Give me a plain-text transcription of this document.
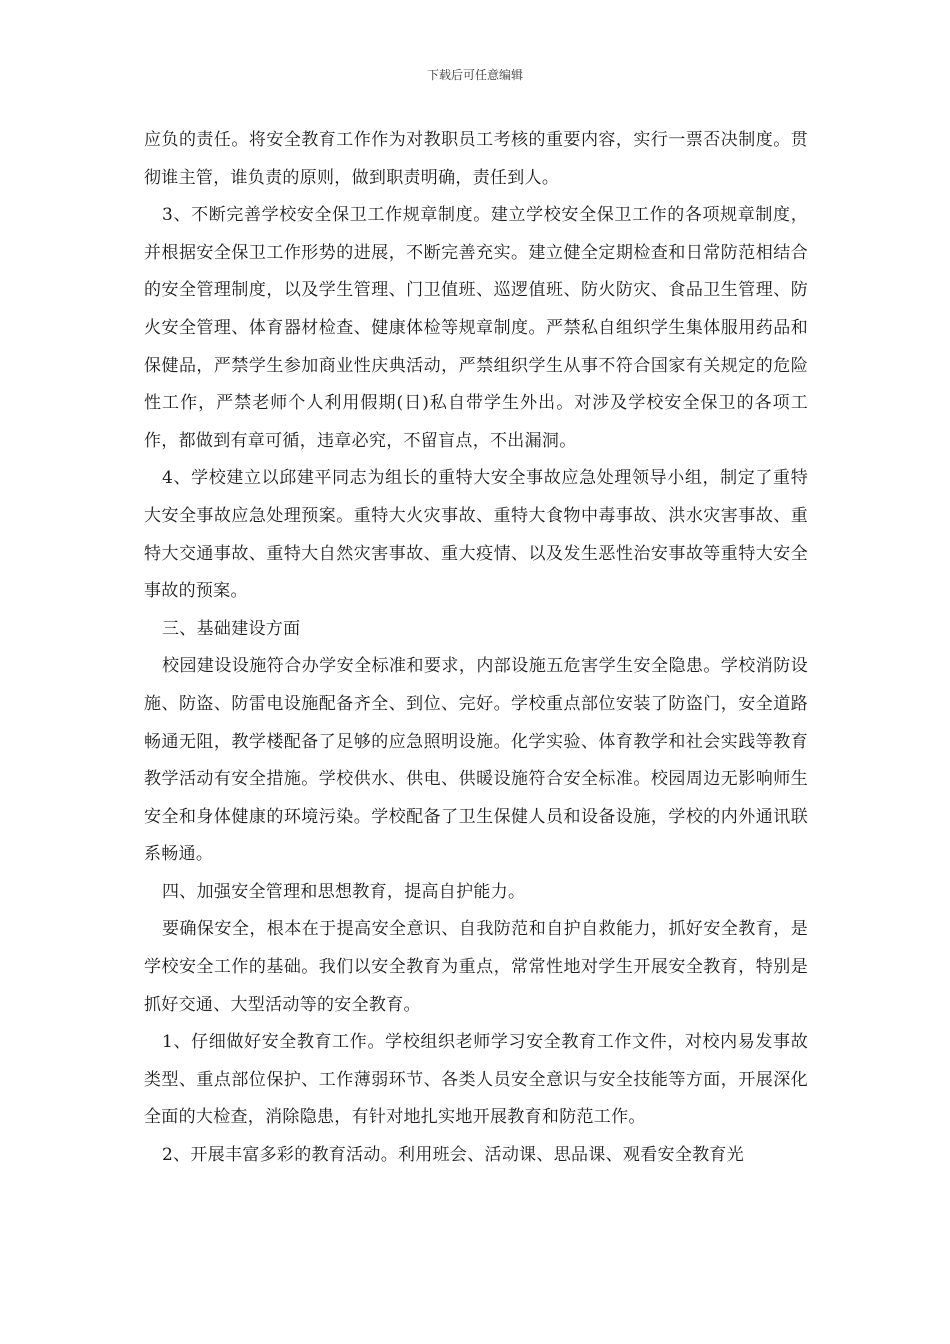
下载后可任意编辑

应负的责任。将安全教育工作作为对教职员工考核的重要内容，实行一票否决制度。贯彻谁主管，谁负责的原则，做到职责明确，责任到人。

3、不断完善学校安全保卫工作规章制度。建立学校安全保卫工作的各项规章制度，并根据安全保卫工作形势的进展，不断完善充实。建立健全定期检查和日常防范相结合的安全管理制度，以及学生管理、门卫值班、巡逻值班、防火防灾、食品卫生管理、防火安全管理、体育器材检查、健康体检等规章制度。严禁私自组织学生集体服用药品和保健品，严禁学生参加商业性庆典活动，严禁组织学生从事不符合国家有关规定的危险性工作，严禁老师个人利用假期(日)私自带学生外出。对涉及学校安全保卫的各项工作，都做到有章可循，违章必究，不留盲点，不出漏洞。

4、学校建立以邱建平同志为组长的重特大安全事故应急处理领导小组，制定了重特大安全事故应急处理预案。重特大火灾事故、重特大食物中毒事故、洪水灾害事故、重特大交通事故、重特大自然灾害事故、重大疫情、以及发生恶性治安事故等重特大安全事故的预案。

三、基础建设方面

校园建设设施符合办学安全标准和要求，内部设施五危害学生安全隐患。学校消防设施、防盗、防雷电设施配备齐全、到位、完好。学校重点部位安装了防盗门，安全道路畅通无阻，教学楼配备了足够的应急照明设施。化学实验、体育教学和社会实践等教育教学活动有安全措施。学校供水、供电、供暖设施符合安全标准。校园周边无影响师生安全和身体健康的环境污染。学校配备了卫生保健人员和设备设施，学校的内外通讯联系畅通。

四、加强安全管理和思想教育，提高自护能力。

要确保安全，根本在于提高安全意识、自我防范和自护自救能力，抓好安全教育，是学校安全工作的基础。我们以安全教育为重点，常常性地对学生开展安全教育，特别是抓好交通、大型活动等的安全教育。

1、仔细做好安全教育工作。学校组织老师学习安全教育工作文件，对校内易发事故类型、重点部位保护、工作薄弱环节、各类人员安全意识与安全技能等方面，开展深化全面的大检查，消除隐患，有针对地扎实地开展教育和防范工作。

2、开展丰富多彩的教育活动。利用班会、活动课、思品课、观看安全教育光
